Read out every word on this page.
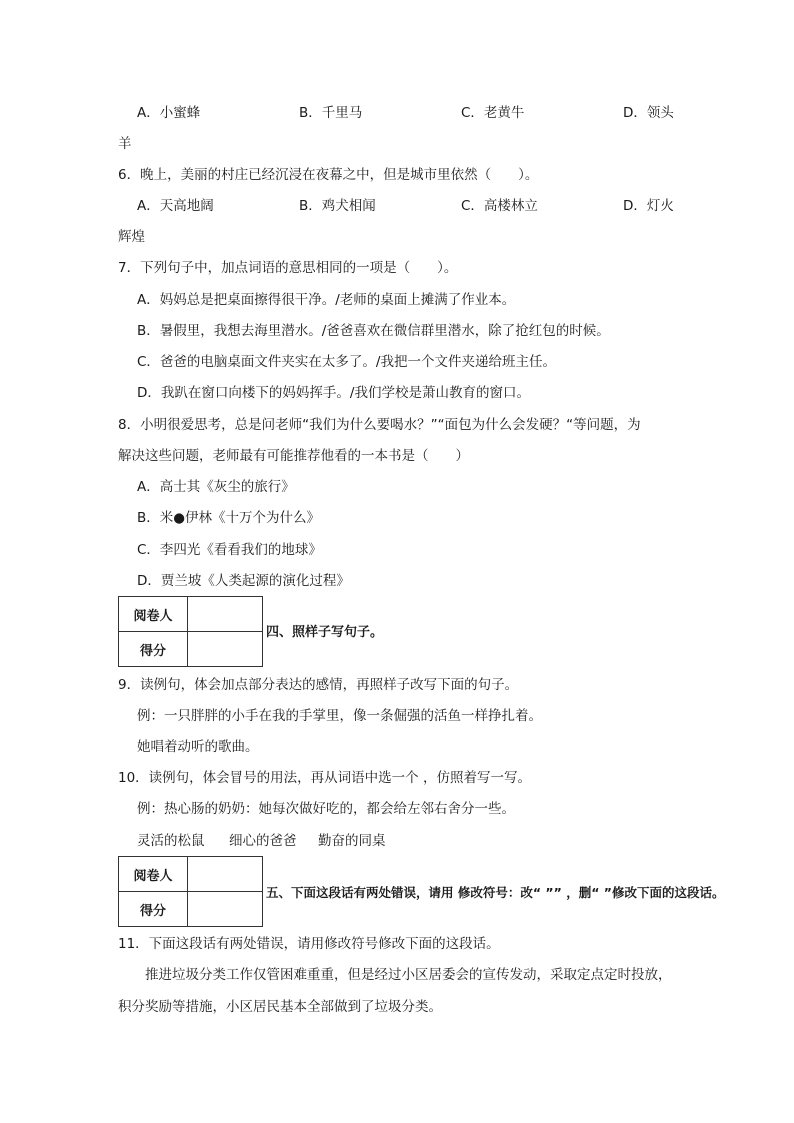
A．小蜜蜂	B．千里马	C．老黄牛	D．领头
羊
6．晚上，美丽的村庄已经沉浸在夜幕之中，但是城市里依然（　　）。
A．天高地阔	B．鸡犬相闻	C．高楼林立	D．灯火
辉煌
7．下列句子中，加点词语的意思相同的一项是（　　）。
A．妈妈总是把桌面擦得很干净。/老师的桌面上摊满了作业本。
B．暑假里，我想去海里潜水。/爸爸喜欢在微信群里潜水，除了抢红包的时候。
C．爸爸的电脑桌面文件夹实在太多了。/我把一个文件夹递给班主任。
D．我趴在窗口向楼下的妈妈挥手。/我们学校是萧山教育的窗口。
8．小明很爱思考，总是问老师“我们为什么要喝水？”“面包为什么会发硬？“等问题，为
解决这些问题，老师最有可能推荐他看的一本书是（　　）
A．高士其《灰尘的旅行》
B．米●伊林《十万个为什么》
C．李四光《看看我们的地球》
D．贾兰坡《人类起源的演化过程》
阅卷人	
得分	
四、照样子写句子。
9．读例句，体会加点部分表达的感情，再照样子改写下面的句子。
例：一只胖胖的小手在我的手掌里，像一条倔强的活鱼一样挣扎着。
她唱着动听的歌曲。
10．读例句，体会冒号的用法，再从词语中选一个 ，仿照着写一写。
例：热心肠的奶奶：她每次做好吃的，都会给左邻右舍分一些。
灵活的松鼠 细心的爸爸 勤奋的同桌
阅卷人	
得分	
五、下面这段话有两处错误，请用 修改符号：改“ ”” ，删“ ”修改下面的这段话。
11．下面这段话有两处错误，请用修改符号修改下面的这段话。
推进垃圾分类工作仅管困难重重，但是经过小区居委会的宣传发动，采取定点定时投放，
积分奖励等措施，小区居民基本全部做到了垃圾分类。
